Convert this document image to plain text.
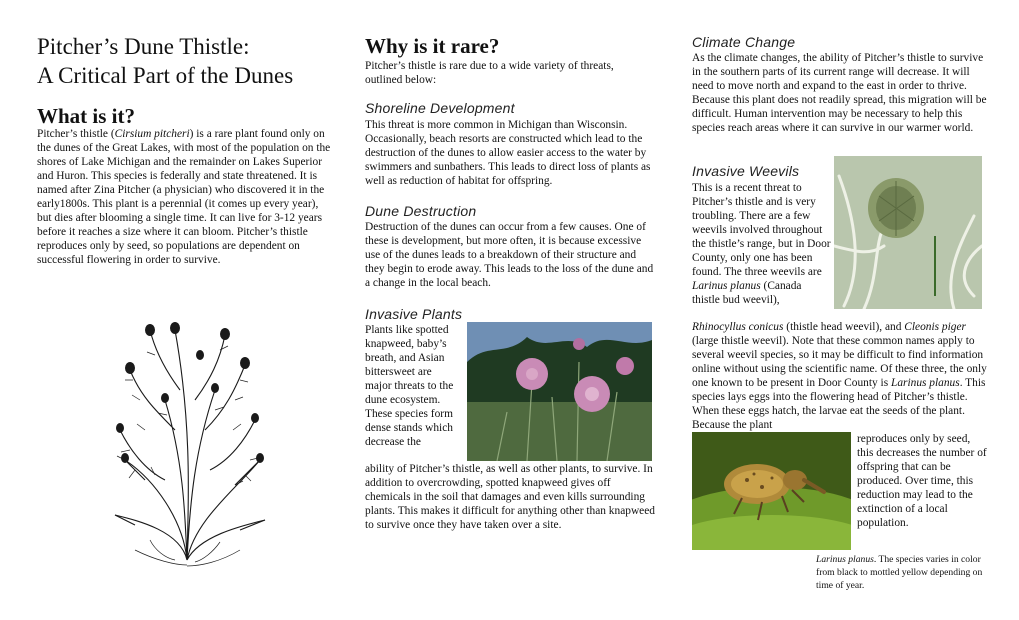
Pitcher’s Dune Thistle:
A Critical Part of the Dunes
What is it?

Pitcher’s thistle (Cirsium pitcheri) is a rare plant found only on the dunes of the Great Lakes, with most of the population on the shores of Lake Michigan and the remainder on Lakes Superior and Huron. This species is federally and state threatened. It is named after Zina Pitcher (a physician) who discovered it in the early1800s. This plant is a perennial (it comes up every year), but dies after blooming a single time. It can live for 3-12 years before it reaches a size where it can bloom. Pitcher’s thistle reproduces only by seed, so populations are dependent on successful flowering in order to survive.

Why is it rare?

Pitcher’s thistle is rare due to a wide variety of threats, outlined below:

Shoreline Development

This threat is more common in Michigan than Wisconsin. Occasionally, beach resorts are constructed which lead to the destruction of the dunes to allow easier access to the water by swimmers and sunbathers. This leads to direct loss of plants as well as reduction of habitat for offspring.

Dune Destruction

Destruction of the dunes can occur from a few causes. One of these is development, but more often, it is because excessive use of the dunes leads to a breakdown of their structure and they begin to erode away. This leads to the loss of the dune and a change in the local beach.

Invasive Plants

Plants like spotted knapweed, baby’s breath, and Asian bittersweet are major threats to the dune ecosystem. These species form dense stands which decrease the

ability of Pitcher’s thistle, as well as other plants, to survive. In addition to overcrowding, spotted knapweed gives off chemicals in the soil that damages and even kills surrounding plants. This makes it difficult for anything other than knapweed to survive once they have taken over a site.

Climate Change

As the climate changes, the ability of Pitcher’s thistle to survive in the southern parts of its current range will decrease. It will need to move north and expand to the east in order to thrive. Because this plant does not readily spread, this migration will be difficult. Human intervention may be necessary to help this species reach areas where it can survive in our warmer world.

Invasive Weevils

This is a recent threat to Pitcher’s thistle and is very troubling. There are a few weevils involved throughout the thistle’s range, but in Door County, only one has been found. The three weevils are Larinus planus (Canada thistle bud weevil),

Rhinocyllus conicus (thistle head weevil), and Cleonis piger (large thistle weevil). Note that these common names apply to several weevil species, so it may be difficult to find information online without using the scientific name. Of these three, the only one known to be present in Door County is Larinus planus. This species lays eggs into the flowering head of Pitcher’s thistle. When these eggs hatch, the larvae eat the seeds of the plant. Because the plant

reproduces only by seed, this decreases the number of offspring that can be produced. Over time, this reduction may lead to the extinction of a local population.

Larinus planus. The species varies in color from black to mottled yellow depending on time of year.
